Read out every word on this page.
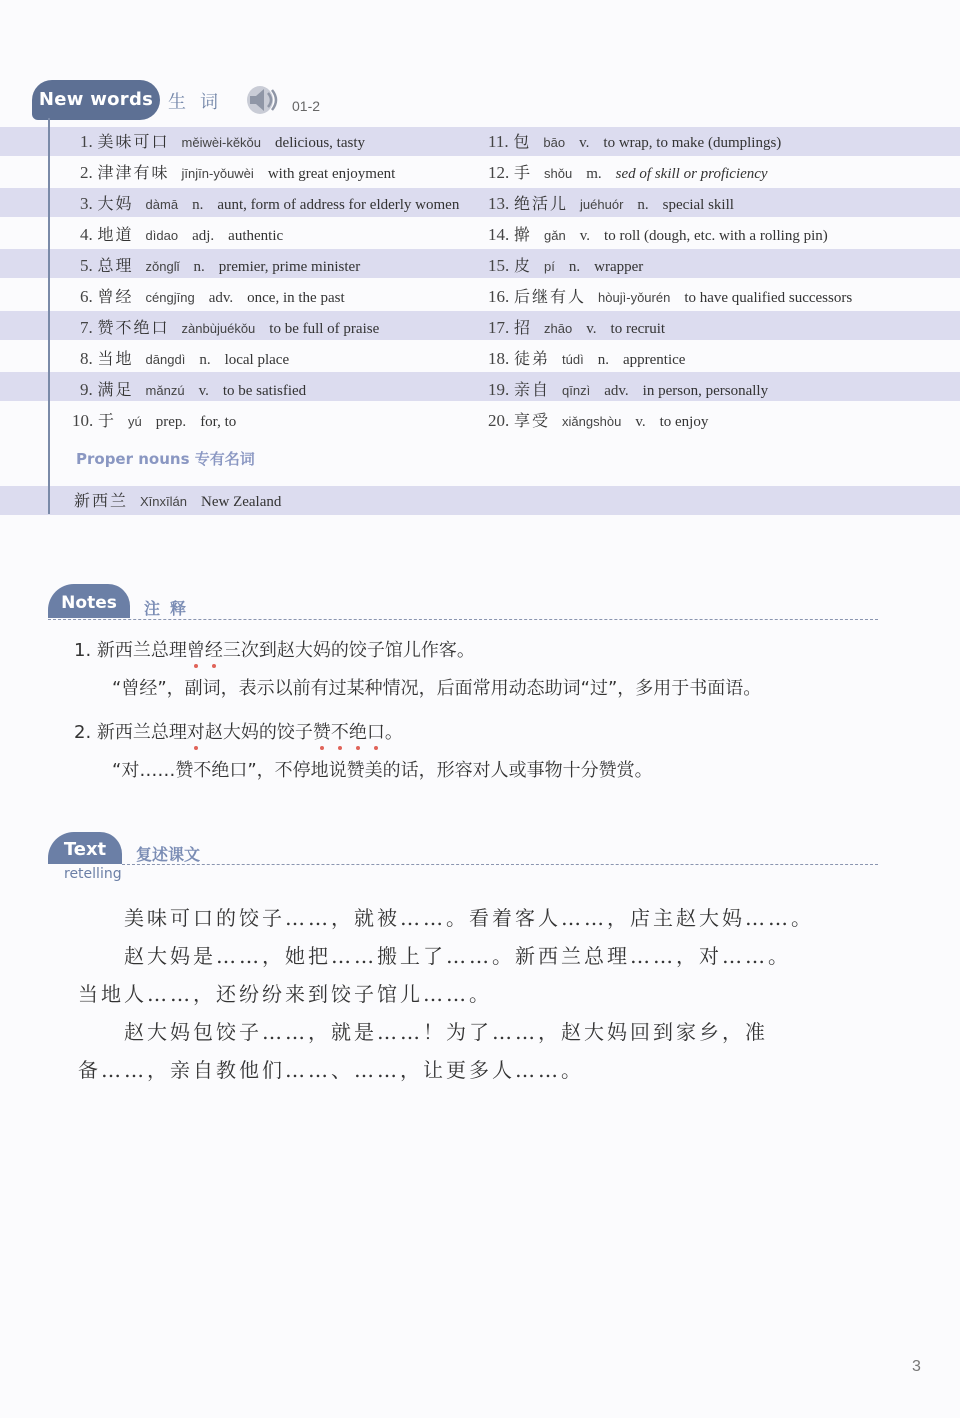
New words 生词	01-2
1. 美味可口 měiwèi-kěkǒu delicious, tasty
2. 津津有味 jīnjīn-yǒuwèi with great enjoyment
3. 大妈 dàmā n. aunt, form of address for elderly women
4. 地道 dìdao adj. authentic
5. 总理 zǒnglǐ n. premier, prime minister
6. 曾经 céngjīng adv. once, in the past
7. 赞不绝口 zànbùjuékǒu to be full of praise
8. 当地 dāngdì n. local place
9. 满足 mǎnzú v. to be satisfied
10. 于 yú prep. for, to
11. 包 bāo v. to wrap, to make (dumplings)
12. 手 shǒu m. sed of skill or proficiency
13. 绝活儿 juéhuór n. special skill
14. 擀 gǎn v. to roll (dough, etc. with a rolling pin)
15. 皮 pí n. wrapper
16. 后继有人 hòujì-yǒurén to have qualified successors
17. 招 zhāo v. to recruit
18. 徒弟 túdì n. apprentice
19. 亲自 qīnzì adv. in person, personally
20. 享受 xiǎngshòu v. to enjoy
Proper nouns 专有名词
新西兰 Xīnxīlán New Zealand
Notes	注释
1. 新西兰总理曾经三次到赵大妈的饺子馆儿作客。
“曾经”，副词，表示以前有过某种情况，后面常用动态助词“过”，多用于书面语。
2. 新西兰总理对赵大妈的饺子赞不绝口。
“对……赞不绝口”，不停地说赞美的话，形容对人或事物十分赞赏。
Text	复述课文
retelling
美味可口的饺子……，就被……。看着客人……，店主赵大妈……。
赵大妈是……，她把……搬上了……。新西兰总理……，对……。
当地人……，还纷纷来到饺子馆儿……。
赵大妈包饺子……，就是……！为了……，赵大妈回到家乡，准
备……，亲自教他们……、……，让更多人……。
3
